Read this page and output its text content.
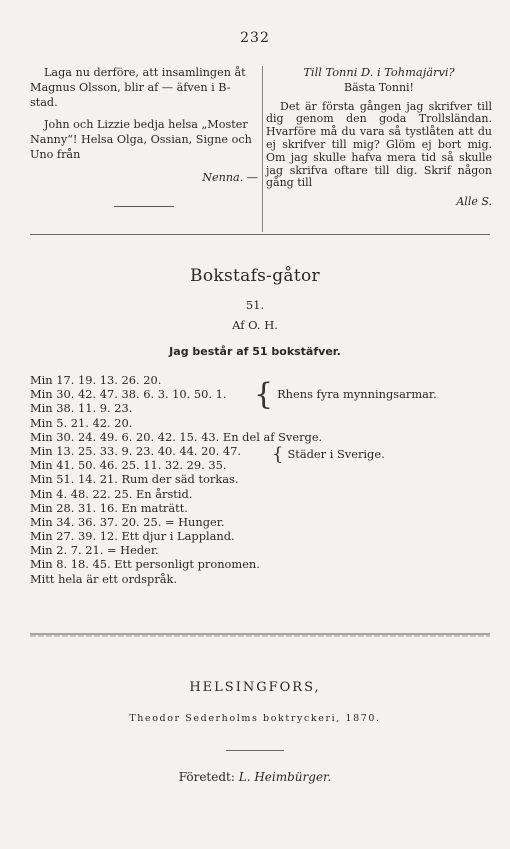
232

Laga nu derföre, att insamlingen åt Magnus Olsson, blir af — äfven i B-stad.

John och Lizzie bedja helsa „Moster Nanny“! Helsa Olga, Ossian, Signe och Uno från

Nenna. —
Till Tonni D. i Tohmajärvi?
Bästa Tonni!

Det är första gången jag skrifver till dig genom den goda Trollsländan. Hvarföre må du vara så tystlåten att du ej skrifver till mig? Glöm ej bort mig. Om jag skulle hafva mera tid så skulle jag skrifva oftare till dig. Skrif någon gång till

Alle S.
Bokstafs-gåtor
51.
Af O. H.
Jag består af 51 bokstäfver.
Min 17. 19. 13. 26. 20.
Min 30. 42. 47. 38. 6. 3. 10. 50. 1.
Min 38. 11. 9. 23.
Min 5. 21. 42. 20.
Min 30. 24. 49. 6. 20. 42. 15. 43. En del af Sverge.
Min 13. 25. 33. 9. 23. 40. 44. 20. 47.
Min 41. 50. 46. 25. 11. 32. 29. 35.
Min 51. 14. 21. Rum der säd torkas.
Min 4. 48. 22. 25. En årstid.
Min 28. 31. 16. En maträtt.
Min 34. 36. 37. 20. 25. = Hunger.
Min 27. 39. 12. Ett djur i Lappland.
Min 2. 7. 21. = Heder.
Min 8. 18. 45. Ett personligt pronomen.
Mitt hela är ett ordspråk.
{ Rhens fyra mynningsarmar.
{ Städer i Sverige.
HELSINGFORS,
Theodor Sederholms boktryckeri, 1870.
Företedt: L. Heimbürger.
